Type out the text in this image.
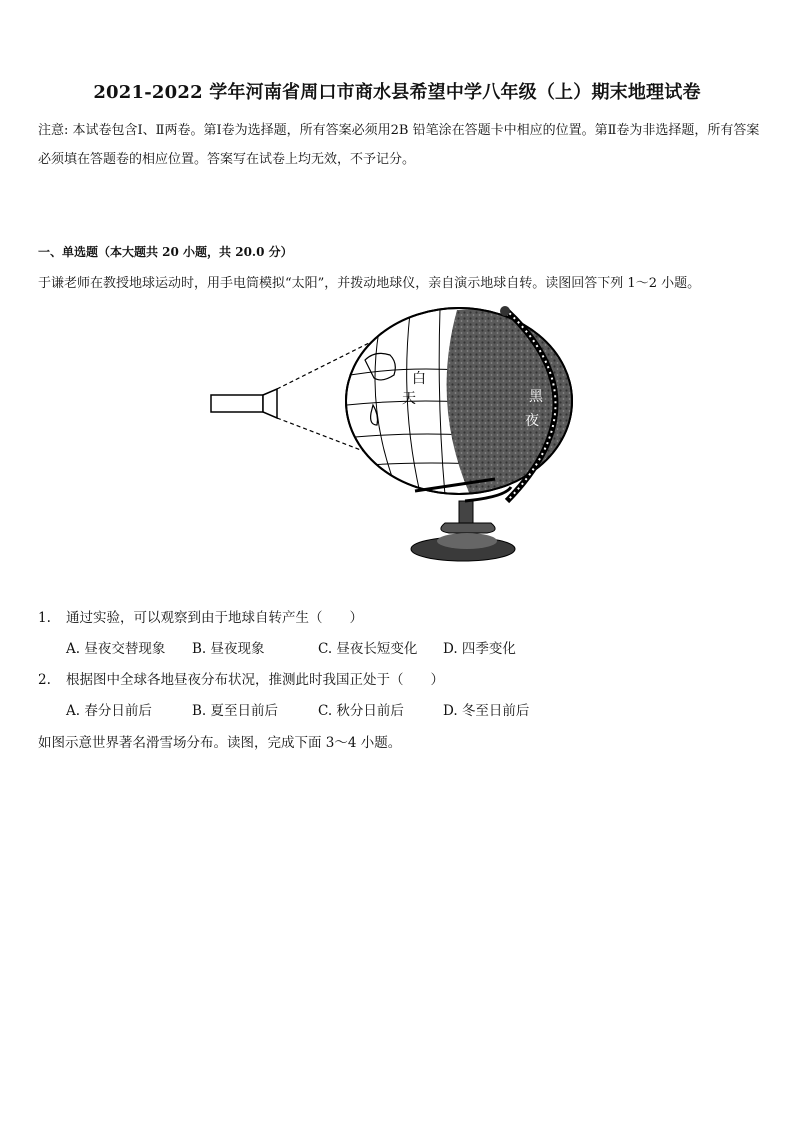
2021-2022 学年河南省周口市商水县希望中学八年级（上）期末地理试卷
注意: 本试卷包含Ⅰ、Ⅱ两卷。第Ⅰ卷为选择题，所有答案必须用2B 铅笔涂在答题卡中相应的位置。第Ⅱ卷为非选择题，所有答案必须填在答题卷的相应位置。答案写在试卷上均无效，不予记分。
一、单选题（本大题共 20 小题，共 20.0 分）
于谦老师在教授地球运动时，用手电筒模拟“太阳”，并拨动地球仪，亲自演示地球自转。读图回答下列 1～2 小题。
白
天	黑
夜
1. 通过实验，可以观察到由于地球自转产生（　　）
A. 昼夜交替现象 B. 昼夜现象	C. 昼夜长短变化 D. 四季变化
2. 根据图中全球各地昼夜分布状况，推测此时我国正处于（　　）
A. 春分日前后	B. 夏至日前后	C. 秋分日前后	D. 冬至日前后
如图示意世界著名滑雪场分布。读图，完成下面 3～4 小题。
